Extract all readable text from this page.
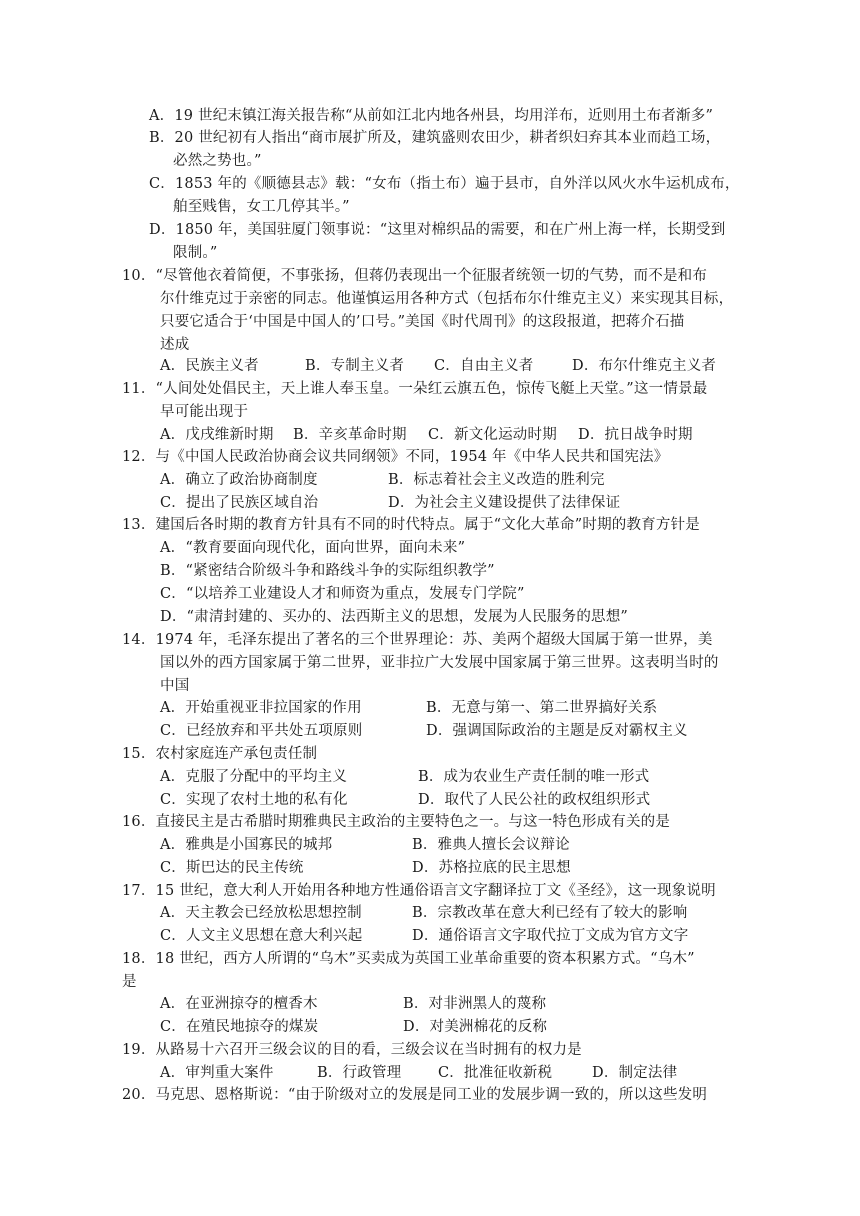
A．19 世纪末镇江海关报告称“从前如江北内地各州县，均用洋布，近则用土布者渐多”
B．20 世纪初有人指出“商市展扩所及，建筑盛则农田少，耕者织妇弃其本业而趋工场，
必然之势也。”
C．1853 年的《顺德县志》载：“女布（指土布）遍于县市，自外洋以风火水牛运机成布，
舶至贱售，女工几停其半。”
D．1850 年，美国驻厦门领事说：“这里对棉织品的需要，和在广州上海一样，长期受到
限制。”
10．“尽管他衣着简便，不事张扬，但蒋仍表现出一个征服者统领一切的气势，而不是和布
尔什维克过于亲密的同志。他谨慎运用各种方式（包括布尔什维克主义）来实现其目标，
只要它适合于‘中国是中国人的’口号。”美国《时代周刊》的这段报道，把蒋介石描
述成
A．民族主义者	B．专制主义者 C．自由主义者	D．布尔什维克主义者
11．“人间处处倡民主，天上谁人奉玉皇。一朵红云旗五色，惊传飞艇上天堂。”这一情景最
早可能出现于
A．戊戌维新时期 B．辛亥革命时期 C．新文化运动时期 D．抗日战争时期
12．与《中国人民政治协商会议共同纲领》不同，1954 年《中华人民共和国宪法》
A．确立了政治协商制度	B．标志着社会主义改造的胜利完
C．提出了民族区域自治	D．为社会主义建设提供了法律保证
13．建国后各时期的教育方针具有不同的时代特点。属于“文化大革命”时期的教育方针是
A．“教育要面向现代化，面向世界，面向未来”
B．“紧密结合阶级斗争和路线斗争的实际组织教学”
C．“以培养工业建设人才和师资为重点，发展专门学院”
D．“肃清封建的、买办的、法西斯主义的思想，发展为人民服务的思想”
14．1974 年，毛泽东提出了著名的三个世界理论：苏、美两个超级大国属于第一世界，美
国以外的西方国家属于第二世界，亚非拉广大发展中国家属于第三世界。这表明当时的
中国
A．开始重视亚非拉国家的作用	B．无意与第一、第二世界搞好关系
C．已经放弃和平共处五项原则	D．强调国际政治的主题是反对霸权主义
15．农村家庭连产承包责任制
A．克服了分配中的平均主义	B．成为农业生产责任制的唯一形式
C．实现了农村土地的私有化	D．取代了人民公社的政权组织形式
16．直接民主是古希腊时期雅典民主政治的主要特色之一。与这一特色形成有关的是
A．雅典是小国寡民的城邦	B．雅典人擅长会议辩论
C．斯巴达的民主传统	D．苏格拉底的民主思想
17．15 世纪，意大利人开始用各种地方性通俗语言文字翻译拉丁文《圣经》，这一现象说明
A．天主教会已经放松思想控制	B．宗教改革在意大利已经有了较大的影响
C．人文主义思想在意大利兴起	D．通俗语言文字取代拉丁文成为官方文字
18．18 世纪，西方人所谓的“乌木”买卖成为英国工业革命重要的资本积累方式。“乌木”
是
A．在亚洲掠夺的檀香木	B．对非洲黑人的蔑称
C．在殖民地掠夺的煤炭	D．对美洲棉花的反称
19．从路易十六召开三级会议的目的看，三级会议在当时拥有的权力是
A．审判重大案件	B．行政管理	C．批准征收新税	D．制定法律
20．马克思、恩格斯说：“由于阶级对立的发展是同工业的发展步调一致的，所以这些发明
